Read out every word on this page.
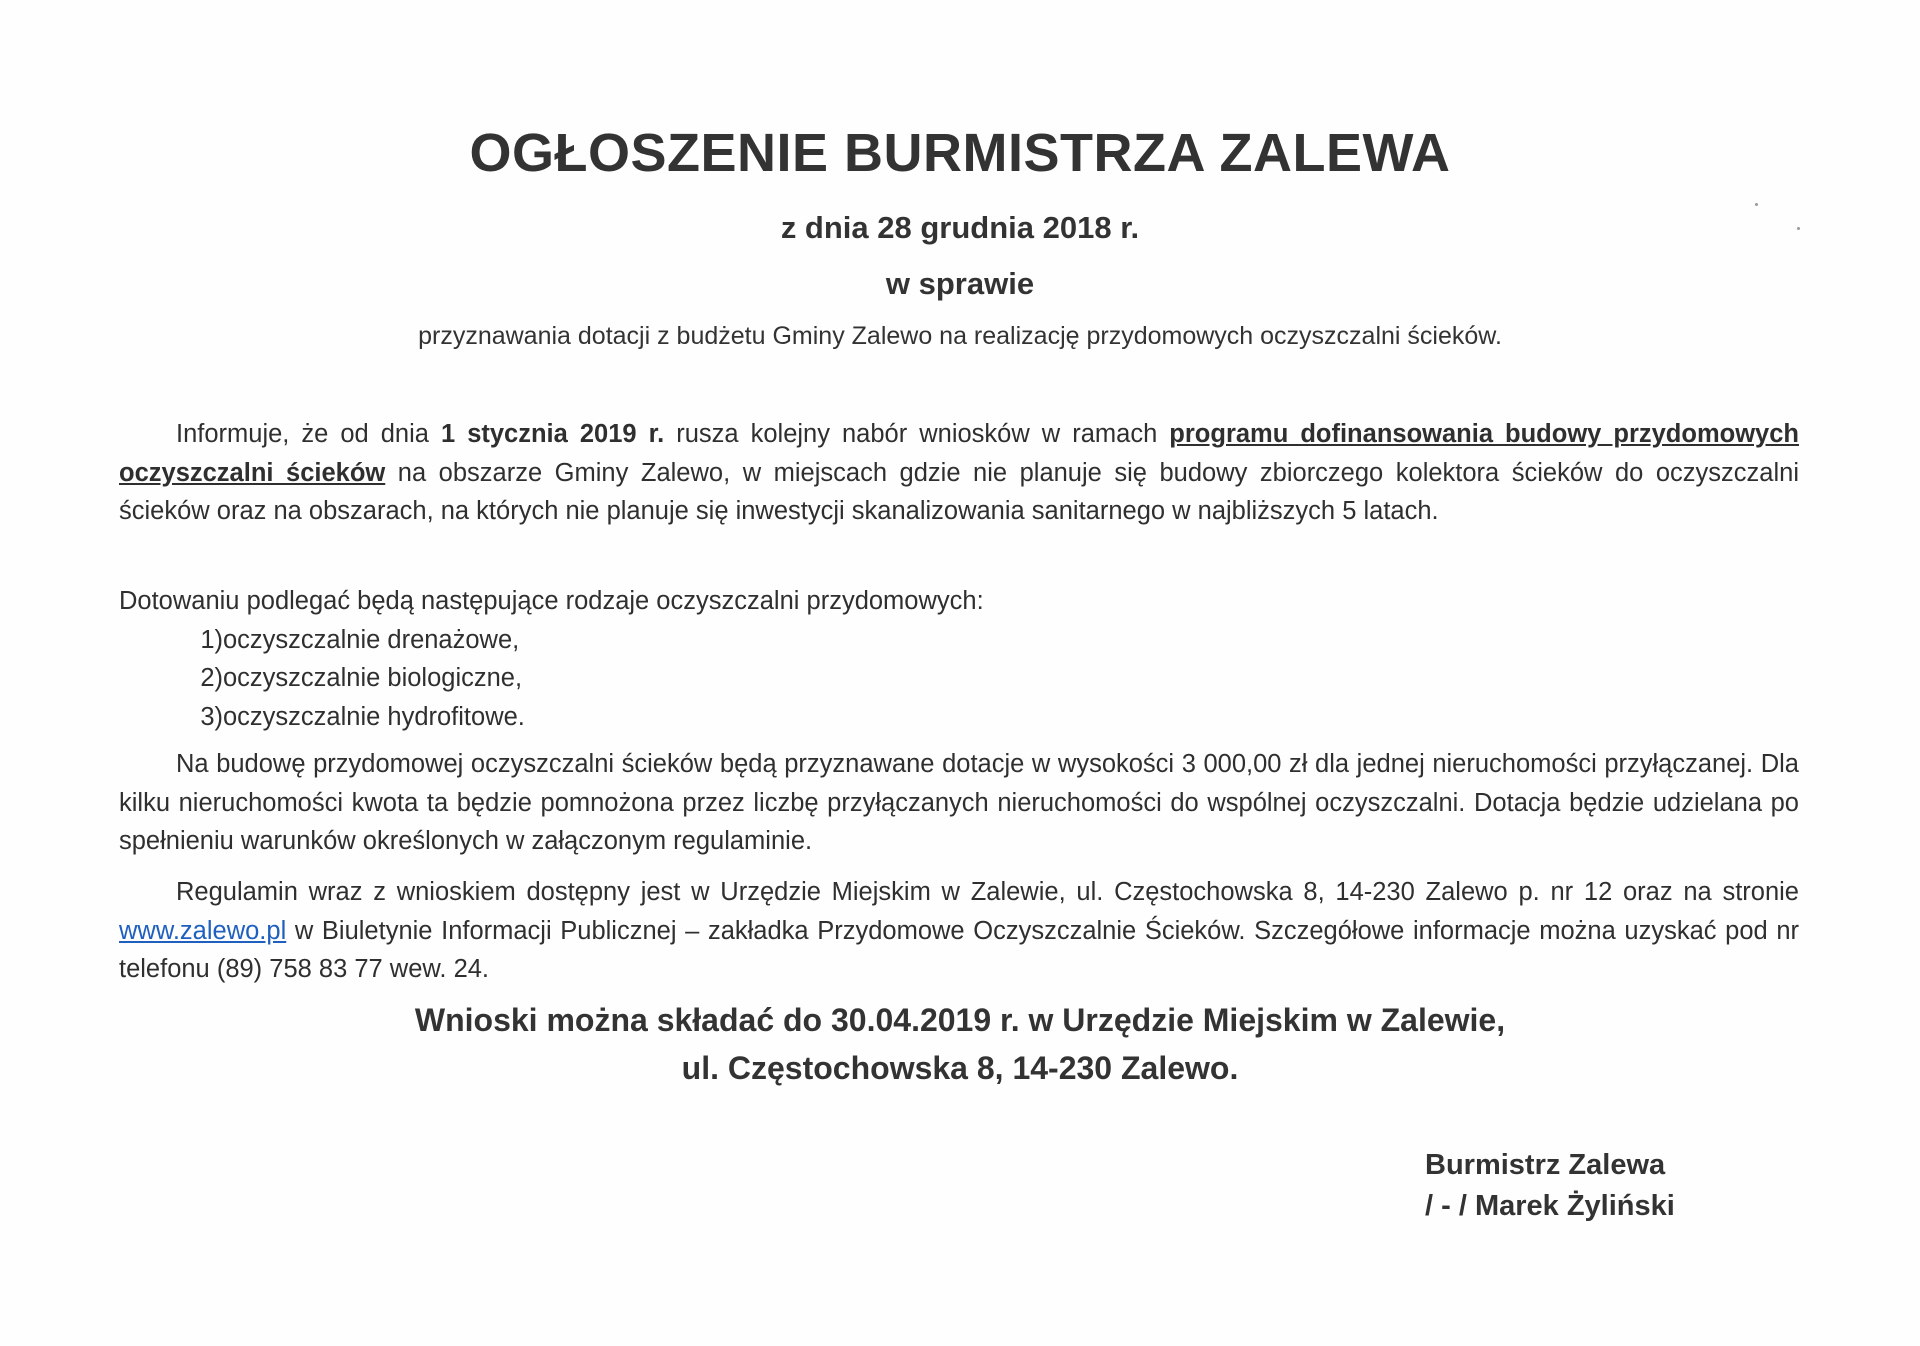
OGŁOSZENIE BURMISTRZA ZALEWA
z dnia 28 grudnia 2018 r.
w sprawie
przyznawania dotacji z budżetu Gminy Zalewo na realizację przydomowych oczyszczalni ścieków.
Informuje, że od dnia 1 stycznia 2019 r. rusza kolejny nabór wniosków w ramach programu dofinansowania budowy przydomowych oczyszczalni ścieków na obszarze Gminy Zalewo, w miejscach gdzie nie planuje się budowy zbiorczego kolektora ścieków do oczyszczalni ścieków oraz na obszarach, na których nie planuje się inwestycji skanalizowania sanitarnego w najbliższych 5 latach.
Dotowaniu podlegać będą następujące rodzaje oczyszczalni przydomowych:
1)oczyszczalnie drenażowe,
2)oczyszczalnie biologiczne,
3)oczyszczalnie hydrofitowe.
Na budowę przydomowej oczyszczalni ścieków będą przyznawane dotacje w wysokości 3 000,00 zł dla jednej nieruchomości przyłączanej. Dla kilku nieruchomości kwota ta będzie pomnożona przez liczbę przyłączanych nieruchomości do wspólnej oczyszczalni. Dotacja będzie udzielana po spełnieniu warunków określonych w załączonym regulaminie.
Regulamin wraz z wnioskiem dostępny jest w Urzędzie Miejskim w Zalewie, ul. Częstochowska 8, 14-230 Zalewo p. nr 12 oraz na stronie www.zalewo.pl w Biuletynie Informacji Publicznej – zakładka Przydomowe Oczyszczalnie Ścieków. Szczegółowe informacje można uzyskać pod nr telefonu (89) 758 83 77 wew. 24.
Wnioski można składać do 30.04.2019 r. w Urzędzie Miejskim w Zalewie,
ul. Częstochowska 8, 14-230 Zalewo.
Burmistrz Zalewa
/ - / Marek Żyliński
